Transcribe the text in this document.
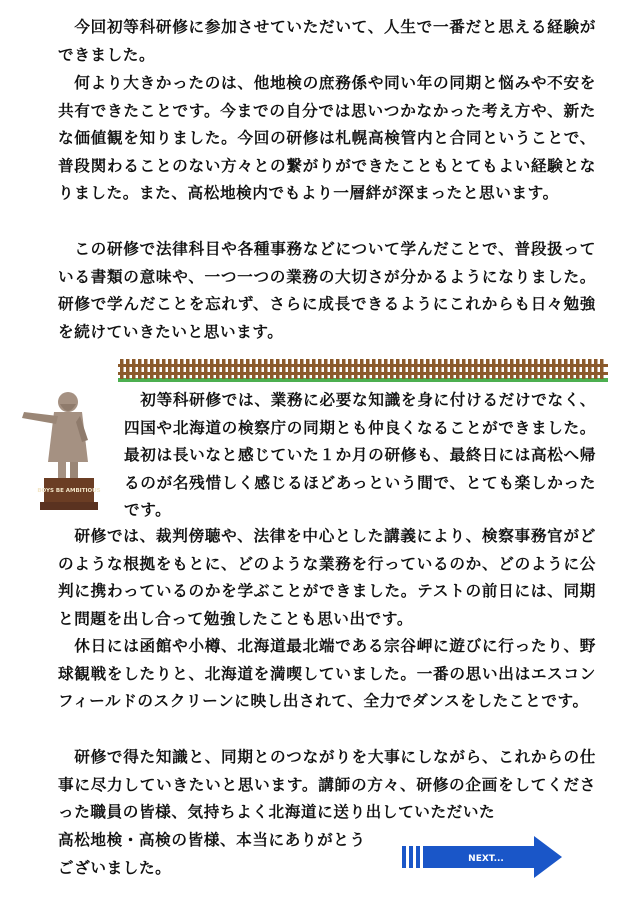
　今回初等科研修に参加させていただいて、人生で一番だと思える経験ができました。

　何より大きかったのは、他地検の庶務係や同い年の同期と悩みや不安を共有できたことです。今までの自分では思いつかなかった考え方や、新たな価値観を知りました。今回の研修は札幌高検管内と合同ということで、普段関わることのない方々との繋がりができたこともとてもよい経験となりました。また、高松地検内でもより一層絆が深まったと思います。

　この研修で法律科目や各種事務などについて学んだことで、普段扱っている書類の意味や、一つ一つの業務の大切さが分かるようになりました。研修で学んだことを忘れず、さらに成長できるようにこれからも日々勉強を続けていきたいと思います。

BOYS BE AMBITIOUS

　初等科研修では、業務に必要な知識を身に付けるだけでなく、四国や北海道の検察庁の同期とも仲良くなることができました。最初は長いなと感じていた１か月の研修も、最終日には高松へ帰るのが名残惜しく感じるほどあっという間で、とても楽しかったです。

　研修では、裁判傍聴や、法律を中心とした講義により、検察事務官がどのような根拠をもとに、どのような業務を行っているのか、どのように公判に携わっているのかを学ぶことができました。テストの前日には、同期と問題を出し合って勉強したことも思い出です。

　休日には函館や小樽、北海道最北端である宗谷岬に遊びに行ったり、野球観戦をしたりと、北海道を満喫していました。一番の思い出はエスコンフィールドのスクリーンに映し出されて、全力でダンスをしたことです。

　研修で得た知識と、同期とのつながりを大事にしながら、これからの仕事に尽力していきたいと思います。講師の方々、研修の企画をしてくださった職員の皆様、気持ちよく北海道に送り出していただいた

高松地検・高検の皆様、本当にありがとう
ございました。	NEXT...
